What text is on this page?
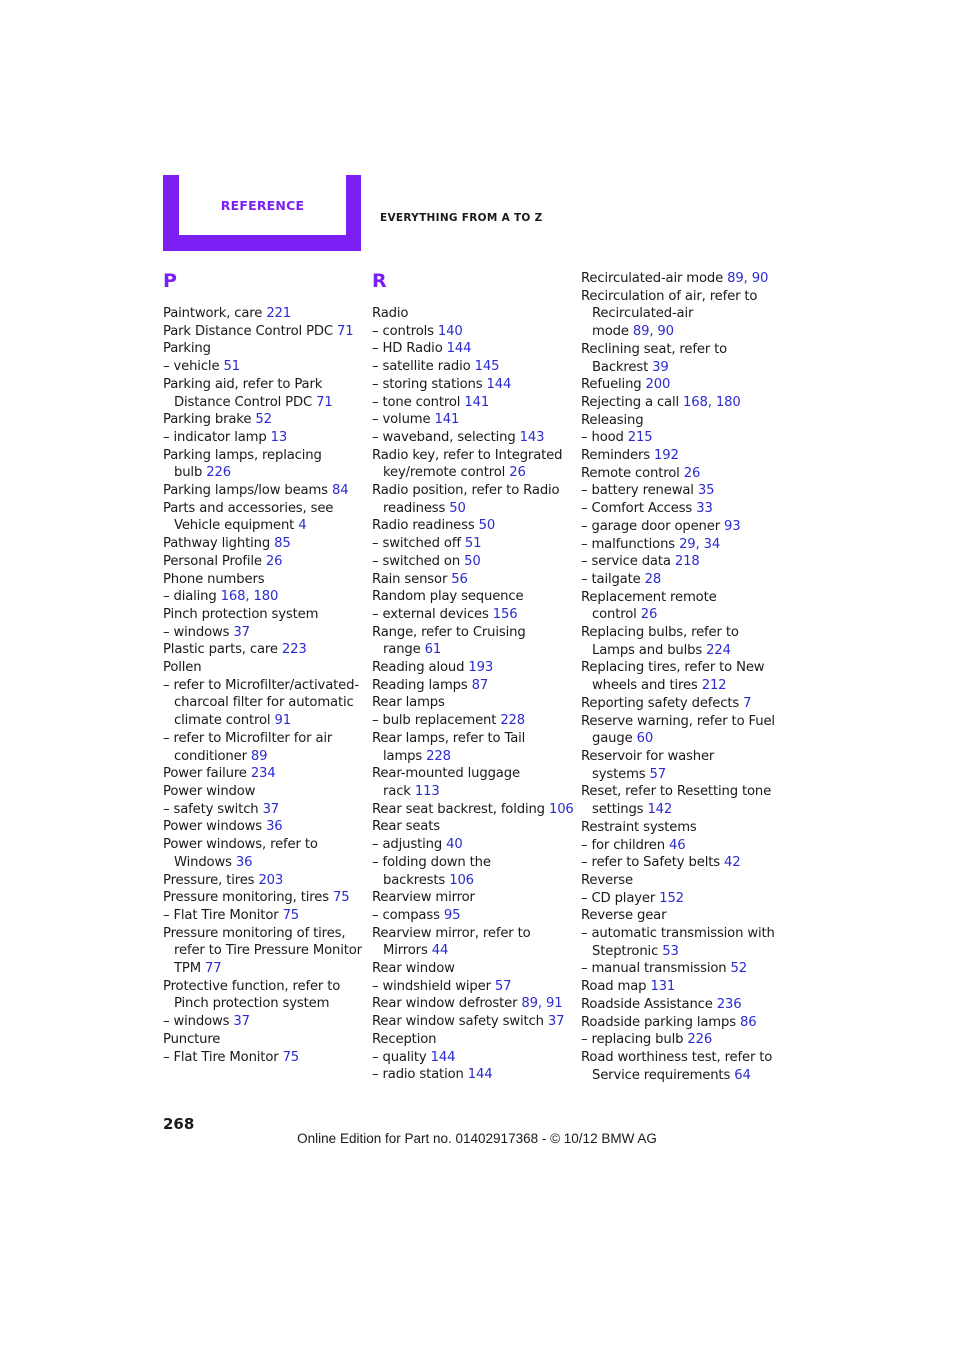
REFERENCE
EVERYTHING FROM A TO Z
P
Paintwork, care 221
Park Distance Control PDC 71
Parking
– vehicle 51
Parking aid, refer to Park
Distance Control PDC 71
Parking brake 52
– indicator lamp 13
Parking lamps, replacing
bulb 226
Parking lamps/low beams 84
Parts and accessories, see
Vehicle equipment 4
Pathway lighting 85
Personal Profile 26
Phone numbers
– dialing 168, 180
Pinch protection system
– windows 37
Plastic parts, care 223
Pollen
– refer to Microfilter/activated-
charcoal filter for automatic
climate control 91
– refer to Microfilter for air
conditioner 89
Power failure 234
Power window
– safety switch 37
Power windows 36
Power windows, refer to
Windows 36
Pressure, tires 203
Pressure monitoring, tires 75
– Flat Tire Monitor 75
Pressure monitoring of tires,
refer to Tire Pressure Monitor
TPM 77
Protective function, refer to
Pinch protection system
– windows 37
Puncture
– Flat Tire Monitor 75
R
Radio
– controls 140
– HD Radio 144
– satellite radio 145
– storing stations 144
– tone control 141
– volume 141
– waveband, selecting 143
Radio key, refer to Integrated
key/remote control 26
Radio position, refer to Radio
readiness 50
Radio readiness 50
– switched off 51
– switched on 50
Rain sensor 56
Random play sequence
– external devices 156
Range, refer to Cruising
range 61
Reading aloud 193
Reading lamps 87
Rear lamps
– bulb replacement 228
Rear lamps, refer to Tail
lamps 228
Rear-mounted luggage
rack 113
Rear seat backrest, folding 106
Rear seats
– adjusting 40
– folding down the
backrests 106
Rearview mirror
– compass 95
Rearview mirror, refer to
Mirrors 44
Rear window
– windshield wiper 57
Rear window defroster 89, 91
Rear window safety switch 37
Reception
– quality 144
– radio station 144
Recirculated-air mode 89, 90
Recirculation of air, refer to
Recirculated-air
mode 89, 90
Reclining seat, refer to
Backrest 39
Refueling 200
Rejecting a call 168, 180
Releasing
– hood 215
Reminders 192
Remote control 26
– battery renewal 35
– Comfort Access 33
– garage door opener 93
– malfunctions 29, 34
– service data 218
– tailgate 28
Replacement remote
control 26
Replacing bulbs, refer to
Lamps and bulbs 224
Replacing tires, refer to New
wheels and tires 212
Reporting safety defects 7
Reserve warning, refer to Fuel
gauge 60
Reservoir for washer
systems 57
Reset, refer to Resetting tone
settings 142
Restraint systems
– for children 46
– refer to Safety belts 42
Reverse
– CD player 152
Reverse gear
– automatic transmission with
Steptronic 53
– manual transmission 52
Road map 131
Roadside Assistance 236
Roadside parking lamps 86
– replacing bulb 226
Road worthiness test, refer to
Service requirements 64
268
Online Edition for Part no. 01402917368 - © 10/12 BMW AG
